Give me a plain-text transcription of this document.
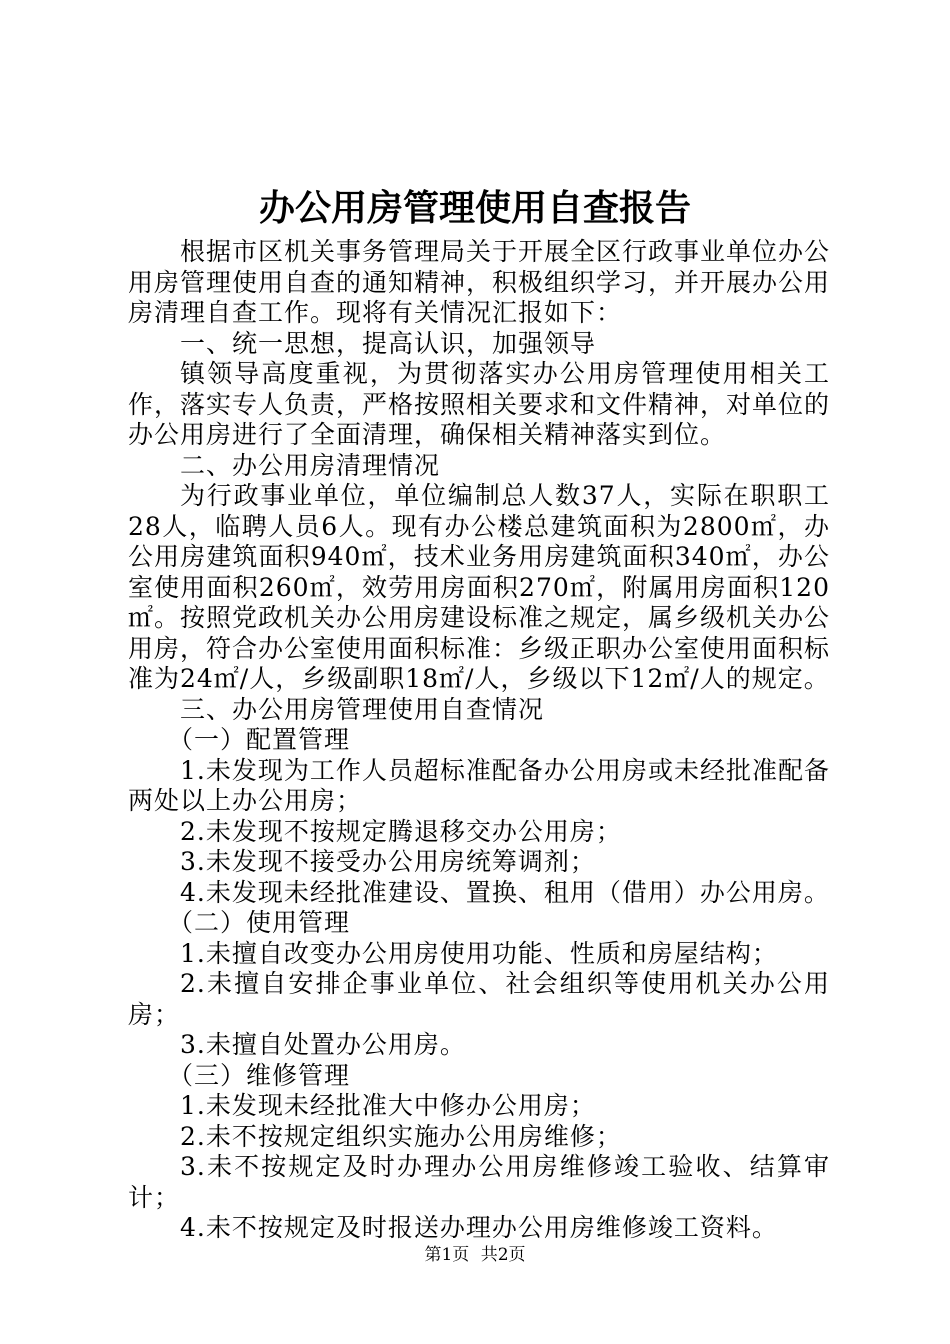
办公用房管理使用自查报告

根据市区机关事务管理局关于开展全区行政事业单位办公用房管理使用自查的通知精神，积极组织学习，并开展办公用房清理自查工作。现将有关情况汇报如下：

一、统一思想，提高认识，加强领导

镇领导高度重视，为贯彻落实办公用房管理使用相关工作，落实专人负责，严格按照相关要求和文件精神，对单位的办公用房进行了全面清理，确保相关精神落实到位。

二、办公用房清理情况

为行政事业单位，单位编制总人数37人，实际在职职工28人，临聘人员6人。现有办公楼总建筑面积为2800㎡，办公用房建筑面积940㎡，技术业务用房建筑面积340㎡，办公室使用面积260㎡，效劳用房面积270㎡，附属用房面积120㎡。按照党政机关办公用房建设标准之规定，属乡级机关办公用房，符合办公室使用面积标准：乡级正职办公室使用面积标准为24㎡/人，乡级副职18㎡/人，乡级以下12㎡/人的规定。

三、办公用房管理使用自查情况

（一）配置管理

1.未发现为工作人员超标准配备办公用房或未经批准配备两处以上办公用房；

2.未发现不按规定腾退移交办公用房；

3.未发现不接受办公用房统筹调剂；

4.未发现未经批准建设、置换、租用（借用）办公用房。

（二）使用管理

1.未擅自改变办公用房使用功能、性质和房屋结构；

2.未擅自安排企事业单位、社会组织等使用机关办公用房；

3.未擅自处置办公用房。

（三）维修管理

1.未发现未经批准大中修办公用房；

2.未不按规定组织实施办公用房维修；

3.未不按规定及时办理办公用房维修竣工验收、结算审计；

4.未不按规定及时报送办理办公用房维修竣工资料。

第1页 共2页
